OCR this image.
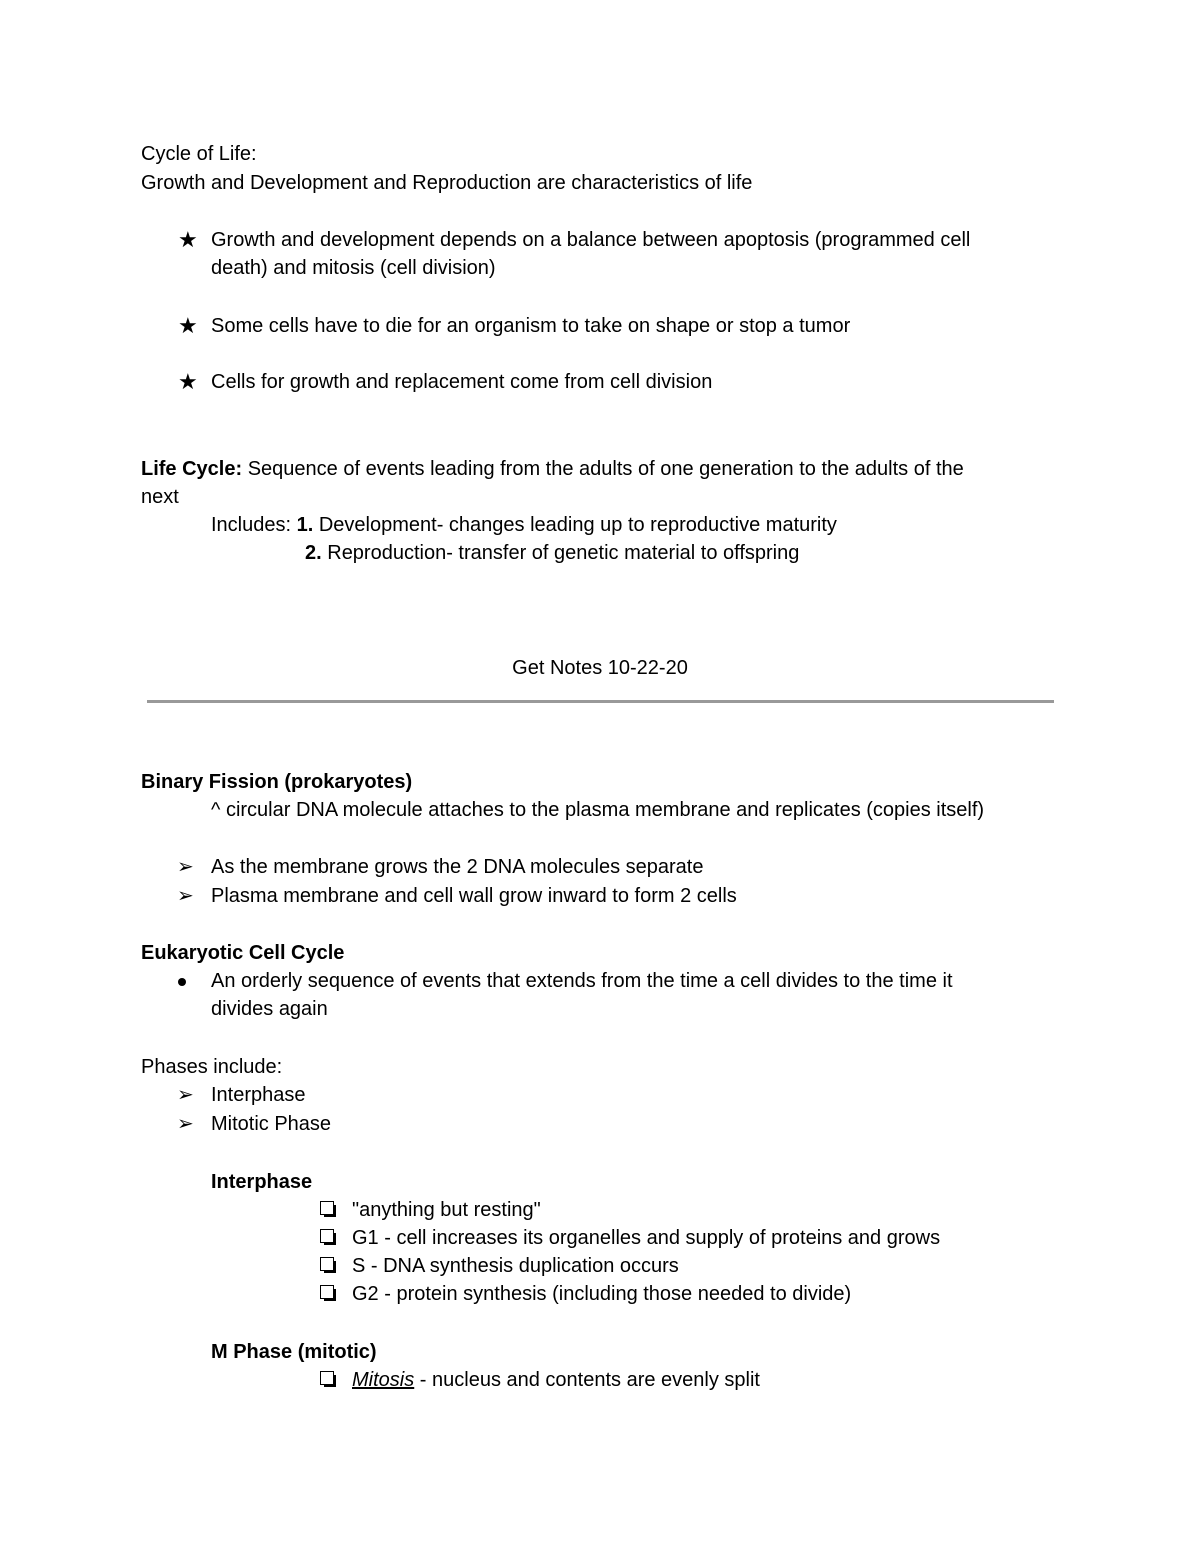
Cycle of Life:
Growth and Development and Reproduction are characteristics of life
★ Growth and development depends on a balance between apoptosis (programmed cell
death) and mitosis (cell division)
★ Some cells have to die for an organism to take on shape or stop a tumor
★ Cells for growth and replacement come from cell division
Life Cycle: Sequence of events leading from the adults of one generation to the adults of the
next
Includes: 1. Development- changes leading up to reproductive maturity
2. Reproduction- transfer of genetic material to offspring
Get Notes 10-22-20
Binary Fission (prokaryotes)
^ circular DNA molecule attaches to the plasma membrane and replicates (copies itself)
➢ As the membrane grows the 2 DNA molecules separate
➢ Plasma membrane and cell wall grow inward to form 2 cells
Eukaryotic Cell Cycle
An orderly sequence of events that extends from the time a cell divides to the time it
divides again
Phases include:
➢ Interphase
➢ Mitotic Phase
Interphase
"anything but resting"
G1 - cell increases its organelles and supply of proteins and grows
S - DNA synthesis duplication occurs
G2 - protein synthesis (including those needed to divide)
M Phase (mitotic)
Mitosis - nucleus and contents are evenly split
